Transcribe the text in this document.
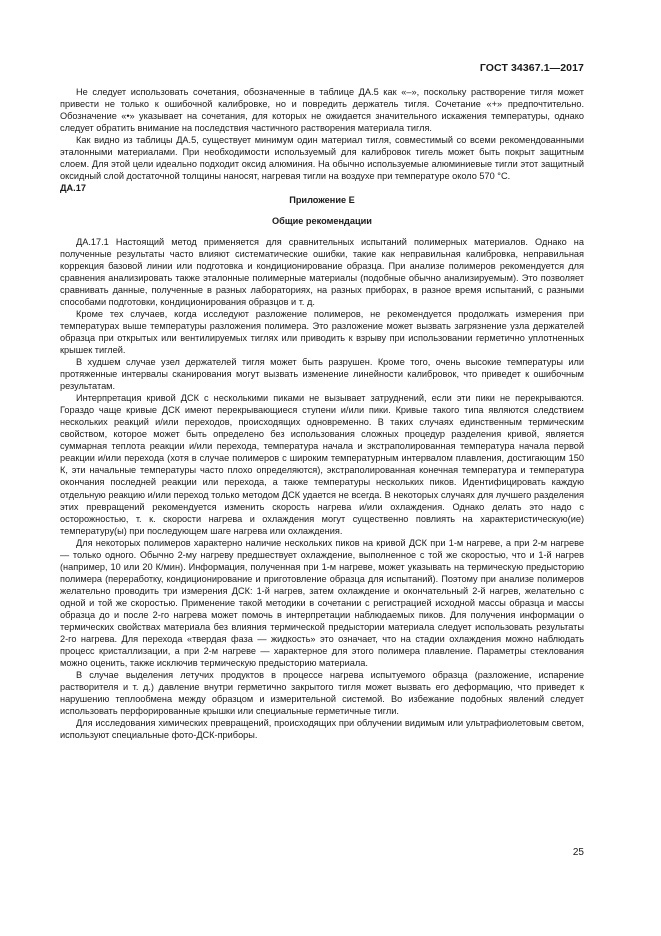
ГОСТ 34367.1—2017

Не следует использовать сочетания, обозначенные в таблице ДА.5 как «–», поскольку растворение тигля может привести не только к ошибочной калибровке, но и повредить держатель тигля. Сочетание «+» предпочтительно. Обозначение «•» указывает на сочетания, для которых не ожидается значительного искажения температуры, однако следует обратить внимание на последствия частичного растворения материала тигля.

Как видно из таблицы ДА.5, существует минимум один материал тигля, совместимый со всеми рекомендованными эталонными материалами. При необходимости используемый для калибровок тигель может быть покрыт защитным слоем. Для этой цели идеально подходит оксид алюминия. На обычно используемые алюминиевые тигли этот защитный оксидный слой достаточной толщины наносят, нагревая тигли на воздухе при температуре около 570 °С.

ДА.17

Приложение Е

Общие рекомендации

ДА.17.1 Настоящий метод применяется для сравнительных испытаний полимерных материалов. Однако на полученные результаты часто влияют систематические ошибки, такие как неправильная калибровка, неправильная коррекция базовой линии или подготовка и кондиционирование образца. При анализе полимеров рекомендуется для сравнения анализировать также эталонные полимерные материалы (подобные обычно анализируемым). Это позволяет сравнивать данные, полученные в разных лабораториях, на разных приборах, в разное время испытаний, с разными способами подготовки, кондиционирования образцов и т. д.

Кроме тех случаев, когда исследуют разложение полимеров, не рекомендуется продолжать измерения при температурах выше температуры разложения полимера. Это разложение может вызвать загрязнение узла держателей образца при открытых или вентилируемых тиглях или приводить к взрыву при использовании герметично уплотненных крышек тиглей.

В худшем случае узел держателей тигля может быть разрушен. Кроме того, очень высокие температуры или протяженные интервалы сканирования могут вызвать изменение линейности калибровок, что приведет к ошибочным результатам.

Интерпретация кривой ДСК с несколькими пиками не вызывает затруднений, если эти пики не перекрываются. Гораздо чаще кривые ДСК имеют перекрывающиеся ступени и/или пики. Кривые такого типа являются следствием нескольких реакций и/или переходов, происходящих одновременно. В таких случаях единственным термическим свойством, которое может быть определено без использования сложных процедур разделения кривой, является суммарная теплота реакции и/или перехода, температура начала и экстраполированная температура начала первой реакции и/или перехода (хотя в случае полимеров с широким температурным интервалом плавления, достигающим 150 К, эти начальные температуры часто плохо определяются), экстраполированная конечная температура и температура окончания последней реакции или перехода, а также температуры нескольких пиков. Идентифицировать каждую отдельную реакцию и/или переход только методом ДСК удается не всегда. В некоторых случаях для лучшего разделения этих превращений рекомендуется изменить скорость нагрева и/или охлаждения. Однако делать это надо с осторожностью, т. к. скорости нагрева и охлаждения могут существенно повлиять на характеристическую(ие) температуру(ы) при последующем шаге нагрева или охлаждения.

Для некоторых полимеров характерно наличие нескольких пиков на кривой ДСК при 1-м нагреве, а при 2-м нагреве — только одного. Обычно 2-му нагреву предшествует охлаждение, выполненное с той же скоростью, что и 1-й нагрев (например, 10 или 20 К/мин). Информация, полученная при 1-м нагреве, может указывать на термическую предысторию полимера (переработку, кондиционирование и приготовление образца для испытаний). Поэтому при анализе полимеров желательно проводить три измерения ДСК: 1-й нагрев, затем охлаждение и окончательный 2-й нагрев, желательно с одной и той же скоростью. Применение такой методики в сочетании с регистрацией исходной массы образца и массы образца до и после 2-го нагрева может помочь в интерпретации наблюдаемых пиков. Для получения информации о термических свойствах материала без влияния термической предыстории материала следует использовать результаты 2-го нагрева. Для перехода «твердая фаза — жидкость» это означает, что на стадии охлаждения можно наблюдать процесс кристаллизации, а при 2-м нагреве — характерное для этого полимера плавление. Параметры стеклования можно оценить, также исключив термическую предысторию материала.

В случае выделения летучих продуктов в процессе нагрева испытуемого образца (разложение, испарение растворителя и т. д.) давление внутри герметично закрытого тигля может вызвать его деформацию, что приведет к нарушению теплообмена между образцом и измерительной системой. Во избежание подобных явлений следует использовать перфорированные крышки или специальные герметичные тигли.

Для исследования химических превращений, происходящих при облучении видимым или ультрафиолетовым светом, используют специальные фото-ДСК-приборы.

25
